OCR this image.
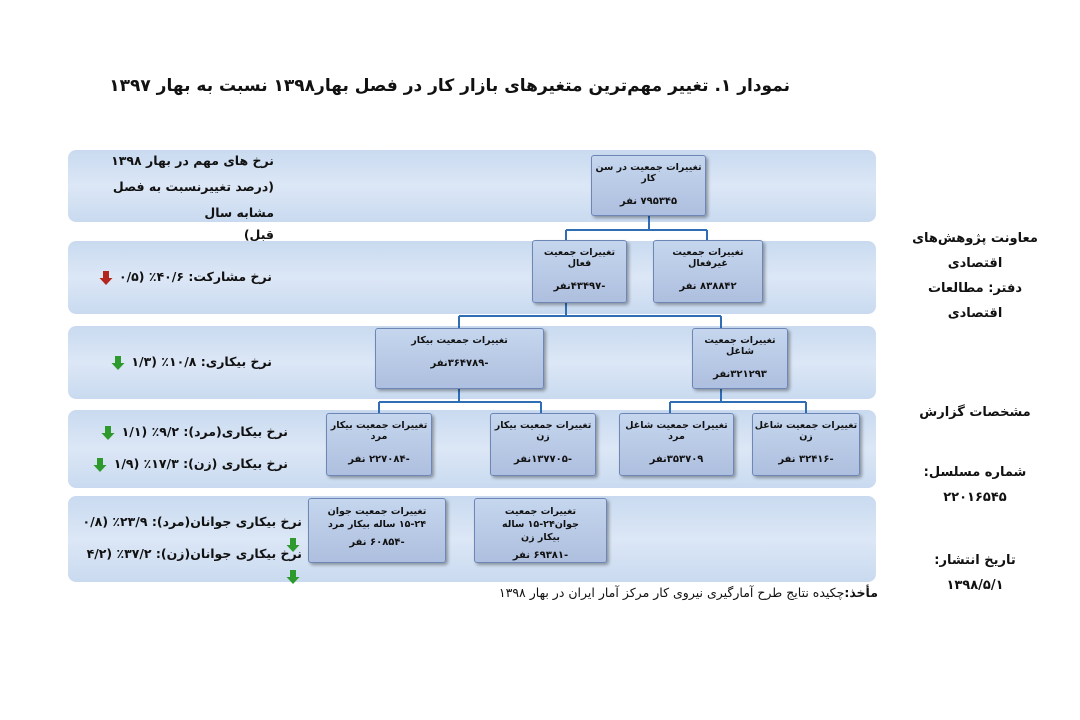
نمودار ۱. تغییر مهم‌ترین متغیرهای بازار کار در فصل بهار۱۳۹۸ نسبت به بهار ۱۳۹۷
نرخ های مهم در بهار ۱۳۹۸
(درصد تغییرنسبت به فصل مشابه سال
قبل)
نرخ مشارکت: ۴۰/۶٪ (۰/۵
نرخ بیکاری: ۱۰/۸٪ (۱/۳
نرخ بیکاری(مرد): ۹/۲٪ (۱/۱
نرخ بیکاری (زن): ۱۷/۳٪ (۱/۹
نرخ بیکاری جوانان(مرد): ۲۳/۹٪ (۰/۸
نرخ بیکاری جوانان(زن): ۳۷/۲٪ (۴/۲
تغییرات جمعیت در سن کار
۷۹۵۳۴۵ نفر
تغییرات جمعیت فعال
-۴۳۴۹۷نفر
تغییرات جمعیت غیرفعال
۸۳۸۸۴۲ نفر
تغییرات جمعیت بیکار
-۳۶۴۷۸۹نفر
تغییرات جمعیت شاغل
۳۲۱۲۹۳نفر
تغییرات جمعیت بیکار مرد
-۲۲۷۰۸۴ نفر
تغییرات جمعیت بیکار زن
-۱۳۷۷۰۵نفر
تغییرات جمعیت شاغل مرد
۳۵۳۷۰۹نفر
تغییرات جمعیت شاغل زن
-۳۲۴۱۶ نفر
تغییرات جمعیت جوان ۲۴-۱۵ ساله بیکار مرد
-۶۰۸۵۴ نفر
تغییرات جمعیت جوان۲۴-۱۵ ساله بیکار زن
-۶۹۳۸۱ نفر
معاونت پژوهش‌های
اقتصادی
دفتر: مطالعات
اقتصادی
مشخصات گزارش
شماره مسلسل:
۲۲۰۱۶۵۴۵
تاریخ انتشار:
۱۳۹۸/۵/۱
مأخذ:چکیده نتایج طرح آمارگیری نیروی کار مرکز آمار ایران در بهار ۱۳۹۸
